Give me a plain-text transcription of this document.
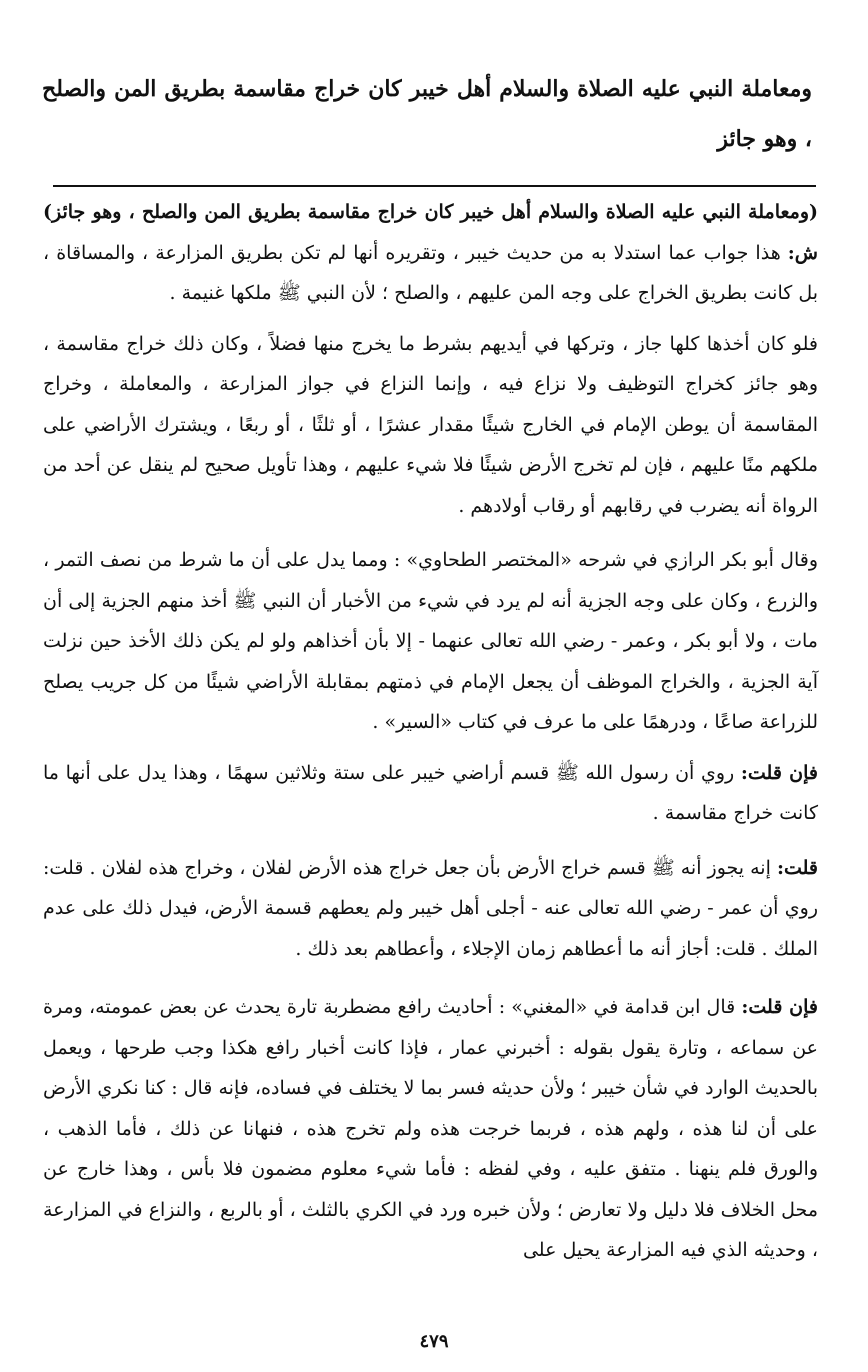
ومعاملة النبي عليه الصلاة والسلام أهل خيبر كان خراج مقاسمة بطريق المن والصلح ، وهو جائز

(ومعاملة النبي عليه الصلاة والسلام أهل خيبر كان خراج مقاسمة بطريق المن والصلح ، وهو جائز) ش: هذا جواب عما استدلا به من حديث خيبر ، وتقريره أنها لم تكن بطريق المزارعة ، والمساقاة ، بل كانت بطريق الخراج على وجه المن عليهم ، والصلح ؛ لأن النبي ﷺ ملكها غنيمة .

فلو كان أخذها كلها جاز ، وتركها في أيديهم بشرط ما يخرج منها فضلاً ، وكان ذلك خراج مقاسمة ، وهو جائز كخراج التوظيف ولا نزاع فيه ، وإنما النزاع في جواز المزارعة ، والمعاملة ، وخراج المقاسمة أن يوطن الإمام في الخارج شيئًا مقدار عشرًا ، أو ثلثًا ، أو ربعًا ، ويشترك الأراضي على ملكهم منًا عليهم ، فإن لم تخرج الأرض شيئًا فلا شيء عليهم ، وهذا تأويل صحيح لم ينقل عن أحد من الرواة أنه يضرب في رقابهم أو رقاب أولادهم .

وقال أبو بكر الرازي في شرحه «المختصر الطحاوي» : ومما يدل على أن ما شرط من نصف التمر ، والزرع ، وكان على وجه الجزية أنه لم يرد في شيء من الأخبار أن النبي ﷺ أخذ منهم الجزية إلى أن مات ، ولا أبو بكر ، وعمر - رضي الله تعالى عنهما - إلا بأن أخذاهم ولو لم يكن ذلك الأخذ حين نزلت آية الجزية ، والخراج الموظف أن يجعل الإمام في ذمتهم بمقابلة الأراضي شيئًا من كل جريب يصلح للزراعة صاعًا ، ودرهمًا على ما عرف في كتاب «السير» .

فإن قلت: روي أن رسول الله ﷺ قسم أراضي خيبر على ستة وثلاثين سهمًا ، وهذا يدل على أنها ما كانت خراج مقاسمة .

قلت: إنه يجوز أنه ﷺ قسم خراج الأرض بأن جعل خراج هذه الأرض لفلان ، وخراج هذه لفلان . قلت: روي أن عمر - رضي الله تعالى عنه - أجلى أهل خيبر ولم يعطهم قسمة الأرض، فيدل ذلك على عدم الملك . قلت: أجاز أنه ما أعطاهم زمان الإجلاء ، وأعطاهم بعد ذلك .

فإن قلت: قال ابن قدامة في «المغني» : أحاديث رافع مضطربة تارة يحدث عن بعض عمومته، ومرة عن سماعه ، وتارة يقول بقوله : أخبرني عمار ، فإذا كانت أخبار رافع هكذا وجب طرحها ، ويعمل بالحديث الوارد في شأن خيبر ؛ ولأن حديثه فسر بما لا يختلف في فساده، فإنه قال : كنا نكري الأرض على أن لنا هذه ، ولهم هذه ، فربما خرجت هذه ولم تخرج هذه ، فنهانا عن ذلك ، فأما الذهب ، والورق فلم ينهنا . متفق عليه ، وفي لفظه : فأما شيء معلوم مضمون فلا بأس ، وهذا خارج عن محل الخلاف فلا دليل ولا تعارض ؛ ولأن خبره ورد في الكري بالثلث ، أو بالربع ، والنزاع في المزارعة ، وحديثه الذي فيه المزارعة يحيل على

٤٧٩
